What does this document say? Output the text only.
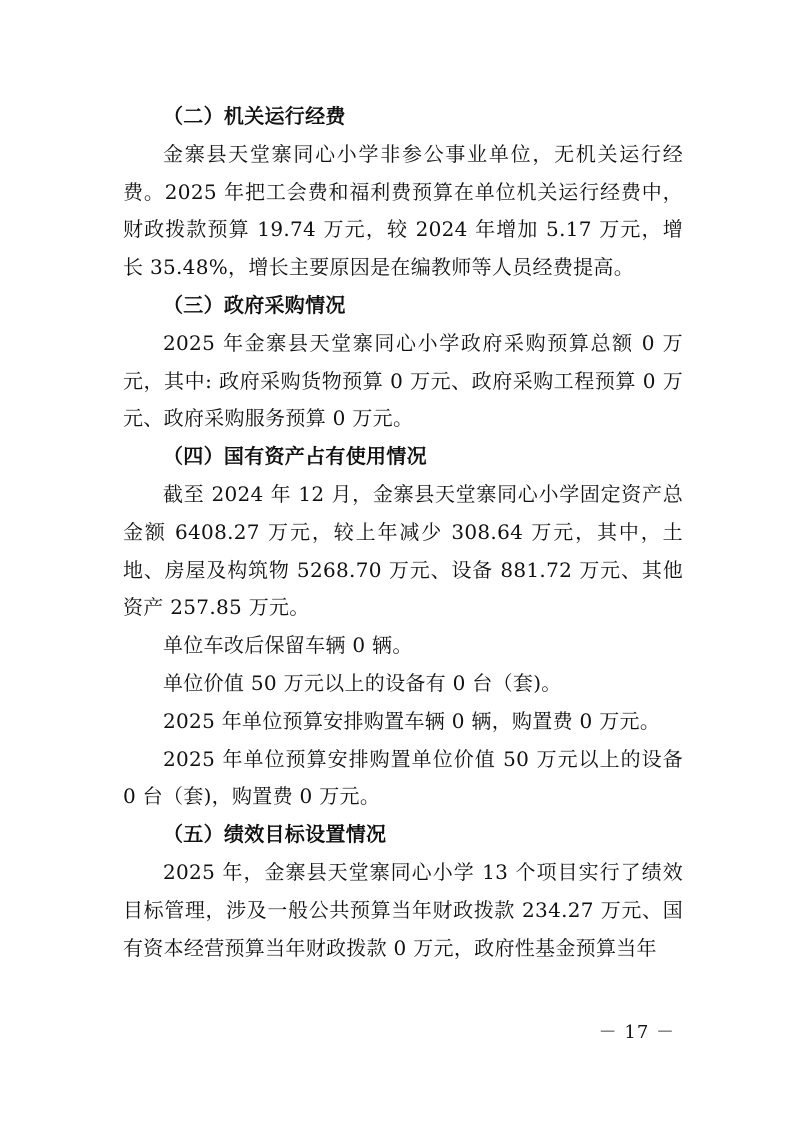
（二）机关运行经费

金寨县天堂寨同心小学非参公事业单位，无机关运行经费。2025 年把工会费和福利费预算在单位机关运行经费中，财政拨款预算 19.74 万元，较 2024 年增加 5.17 万元，增长 35.48%，增长主要原因是在编教师等人员经费提高。

（三）政府采购情况

2025 年金寨县天堂寨同心小学政府采购预算总额 0 万元，其中: 政府采购货物预算 0 万元、政府采购工程预算 0 万元、政府采购服务预算 0 万元。

（四）国有资产占有使用情况

截至 2024 年 12 月，金寨县天堂寨同心小学固定资产总金额 6408.27 万元，较上年减少 308.64 万元，其中，土地、房屋及构筑物 5268.70 万元、设备 881.72 万元、其他资产 257.85 万元。

单位车改后保留车辆 0 辆。

单位价值 50 万元以上的设备有 0 台（套)。

2025 年单位预算安排购置车辆 0 辆，购置费 0 万元。

2025 年单位预算安排购置单位价值 50 万元以上的设备 0 台（套)，购置费 0 万元。

（五）绩效目标设置情况

2025 年，金寨县天堂寨同心小学 13 个项目实行了绩效目标管理，涉及一般公共预算当年财政拨款 234.27 万元、国有资本经营预算当年财政拨款 0 万元，政府性基金预算当年

－ 17 －
